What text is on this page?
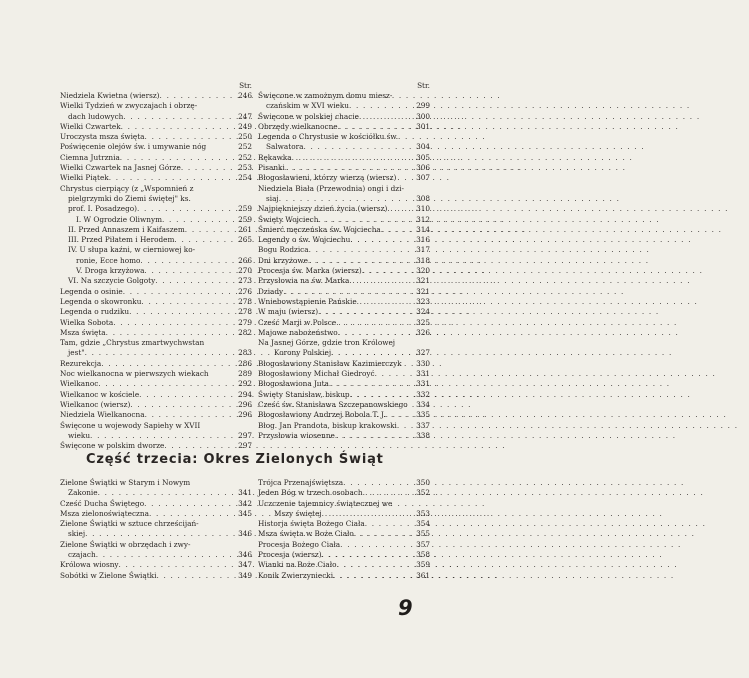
Str.
Niedziela Kwietna (wiersz) . . .	246
Wielki Tydzień w zwyczajach i obrzę-
dach ludowych . . .	247
Wielki Czwartek . . .	249
Uroczysta msza święta . . .	250
Poświęcenie olejów św. i umywanie nóg	252
Ciemna Jutrznia . . .	252
Wielki Czwartek na Jasnej Górze . . .	253
Wielki Piątek . . .	254
Chrystus cierpiący (z „Wspomnień z
pielgrzymki do Ziemi świętej" ks.
prof. I. Posadzego) . . .	259
I. W Ogrodzie Oliwnym . . .	259
II. Przed Annaszem i Kaifaszem . . .	261
III. Przed Piłatem i Herodem . . .	265
IV. U słupa kaźni, w cierniowej ko-
ronie, Ecce homo . . .	266
V. Droga krzyżowa . . .	270
VI. Na szczycie Golgoty . . .	273
Legenda o osinie . . .	276
Legenda o skowronku . . .	278
Legenda o rudziku . . .	278
Wielka Sobota . . .	279
Msza święta . . .	282
Tam, gdzie „Chrystus zmartwychwstan
jest" . . .	283
Rezurekcja . . .	286
Noc wielkanocna w pierwszych wiekach	289
Wielkanoc . . .	292
Wielkanoc w kościele . . .	294
Wielkanoc (wiersz) . . .	296
Niedziela Wielkanocna . . .	296
Święcone u wojewody Sapiehy w XVII
wieku . . .	297
Święcone w polskim dworze . . .	297
Str.
Święcone w zamożnym domu miesz-
czańskim w XVI wieku . . .	299
Święcone w polskiej chacie . . .	300
Obrzędy wielkanocne . . .	301
Legenda o Chrystusie w kościółku św.
Salwatora . . .	304
Rękawka . . .	305
Pisanki . . .	306
Błogosławieni, którzy wierzą (wiersz)	307
Niedziela Biała (Przewodnia) ongi i dzi-
siaj . . .	308
Najpiękniejszy dzień życia (wiersz) . . .	310
Święty Wojciech . . .	312
Śmierć męczeńska św. Wojciecha . . .	314
Legendy o św. Wojciechu . . .	316
Bogu Rodzica . . .	317
Dni krzyżowe . . .	318
Procesja św. Marka (wiersz) . . .	320
Przysłowia na św. Marka . . .	321
Dziady . . .	321
Wniebowstąpienie Pańskie . . .	323
W maju (wiersz) . . .	324
Cześć Marji w Polsce . . .	325
Majowe nabożeństwo . . .	326
Na Jasnej Górze, gdzie tron Królowej
Korony Polskiej . . .	327
Błogosławiony Stanisław Kazimierczyk 330
Błogosławiony Michał Giedroyć . . .	331
Błogosławiona Juta . . .	331
Święty Stanisław, biskup . . .	332
Cześć św. Stanisława Szczepanowskiego 334
Błogosławiony Andrzej Bobola T. J. . . .	335
Błog. Jan Prandota, biskup krakowski . . .	337
Przysłowia wiosenne . . .	338
Część trzecia: Okres Zielonych Świąt
Zielone Świątki w Starym i Nowym
Zakonie . . .	341
Cześć Ducha Świętego . . .	342
Msza zielonoświąteczna . . .	345
Zielone Świątki w sztuce chrześcijań-
skiej . . .	346
Zielone Świątki w obrzędach i zwy-
czajach . . .	346
Królowa wiosny . . .	347
Sobótki w Zielone Świątki . . .	349
Trójca Przenajświętsza . . .	350
Jeden Bóg w trzech osobach . . .	352
Uczczenie tajemnicy świątecznej we
Mszy świętej . . .	353
Historja święta Bożego Ciała . . .	354
Msza święta w Boże Ciało . . .	355
Procesja Bożego Ciała . . .	357
Procesja (wiersz) . . .	358
Wianki na Boże Ciało . . .	359
Konik Zwierzyniecki . . .	361
9
